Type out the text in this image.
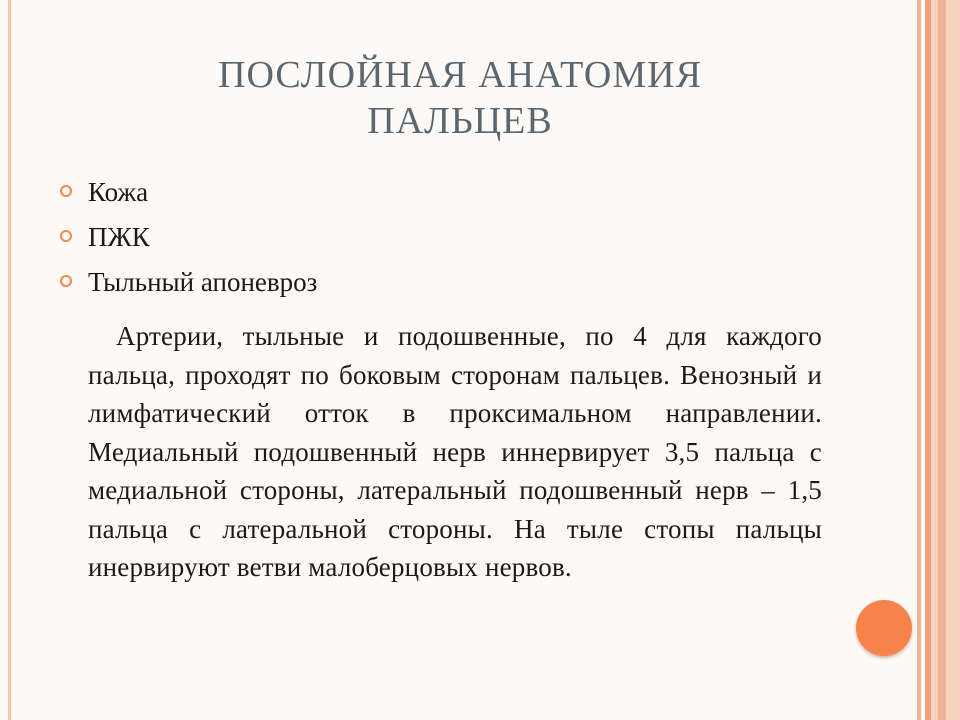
ПОСЛОЙНАЯ АНАТОМИЯ
ПАЛЬЦЕВ
Кожа
ПЖК
Тыльный апоневроз

Артерии, тыльные и подошвенные, по 4 для каждого пальца, проходят по боковым сторонам пальцев. Венозный и лимфатический отток в проксимальном направлении. Медиальный подошвенный нерв иннервирует 3,5 пальца с медиальной стороны, латеральный подошвенный нерв – 1,5 пальца с латеральной стороны. На тыле стопы пальцы инервируют ветви малоберцовых нервов.
